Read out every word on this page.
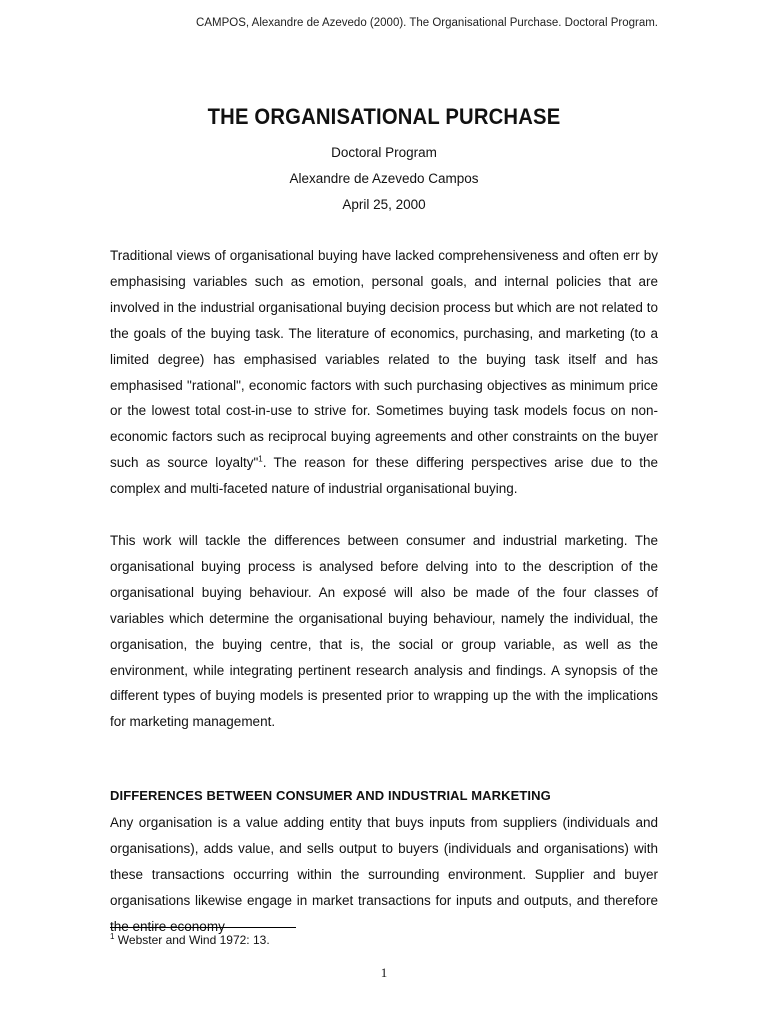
CAMPOS, Alexandre de Azevedo (2000). The Organisational Purchase. Doctoral Program.
THE ORGANISATIONAL PURCHASE
Doctoral Program
Alexandre de Azevedo Campos
April 25, 2000

Traditional views of organisational buying have lacked comprehensiveness and often err by emphasising variables such as emotion, personal goals, and internal policies that are involved in the industrial organisational buying decision process but which are not related to the goals of the buying task. The literature of economics, purchasing, and marketing (to a limited degree) has emphasised variables related to the buying task itself and has emphasised "rational", economic factors with such purchasing objectives as minimum price or the lowest total cost-in-use to strive for. Sometimes buying task models focus on non-economic factors such as reciprocal buying agreements and other constraints on the buyer such as source loyalty"$^1$. The reason for these differing perspectives arise due to the complex and multi-faceted nature of industrial organisational buying.

This work will tackle the differences between consumer and industrial marketing. The organisational buying process is analysed before delving into to the description of the organisational buying behaviour. An exposé will also be made of the four classes of variables which determine the organisational buying behaviour, namely the individual, the organisation, the buying centre, that is, the social or group variable, as well as the environment, while integrating pertinent research analysis and findings. A synopsis of the different types of buying models is presented prior to wrapping up the with the implications for marketing management.

DIFFERENCES BETWEEN CONSUMER AND INDUSTRIAL MARKETING

Any organisation is a value adding entity that buys inputs from suppliers (individuals and organisations), adds value, and sells output to buyers (individuals and organisations) with these transactions occurring within the surrounding environment. Supplier and buyer organisations likewise engage in market transactions for inputs and outputs, and therefore the entire economy

$^1$ Webster and Wind 1972: 13.
1
